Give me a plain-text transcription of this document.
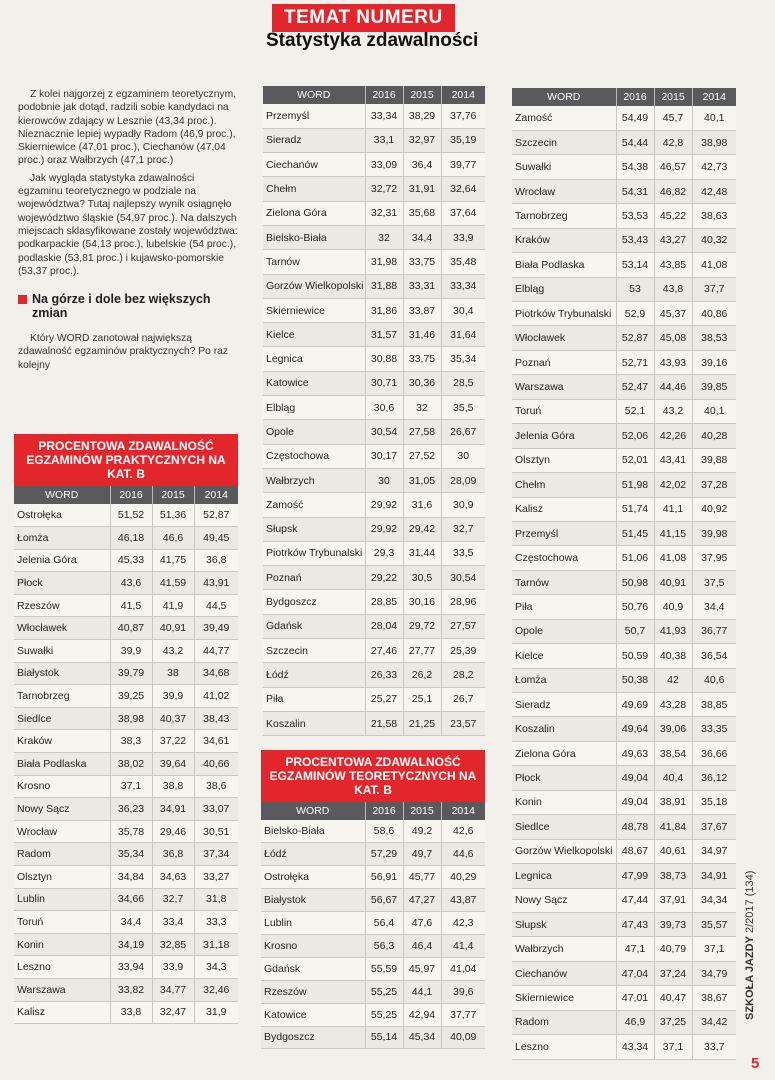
TEMAT NUMERU
Statystyka zdawalności

Z kolei najgorzej z egzaminem teoretycznym, podobnie jak dotąd, radzili sobie kandydaci na kierowców zdający w Lesznie (43,34 proc.). Nieznacznie lepiej wypadły Radom (46,9 proc.), Skierniewice (47,01 proc.), Ciechanów (47,04 proc.) oraz Wałbrzych (47,1 proc.)

Jak wygląda statystyka zdawalności egzaminu teoretycznego w podziale na województwa? Tutaj najlepszy wynik osiągnęło województwo śląskie (54,97 proc.). Na dalszych miejscach sklasyfikowane zostały województwa: podkarpackie (54,13 proc.), lubelskie (54 proc.), podlaskie (53,81 proc.) i kujawsko-pomorskie (53,37 proc.).

Na górze i dole bez większych zmian

Który WORD zanotował największą zdawalność egzaminów praktycznych? Po raz kolejny

PROCENTOWA ZDAWALNOŚĆ EGZAMINÓW PRAKTYCZNYCH NA KAT. B
WORD	2016	2015	2014
Ostrołęka	51,52	51,36	52,87
Łomża	46,18	46,6	49,45
Jelenia Góra	45,33	41,75	36,8
Płock	43,6	41,59	43,91
Rzeszów	41,5	41,9	44,5
Włocławek	40,87	40,91	39,49
Suwałki	39,9	43,2	44,77
Białystok	39,79	38	34,68
Tarnobrzeg	39,25	39,9	41,02
Siedlce	38,98	40,37	38,43
Kraków	38,3	37,22	34,61
Biała Podlaska	38,02	39,64	40,66
Krosno	37,1	38,8	38,6
Nowy Sącz	36,23	34,91	33,07
Wrocław	35,78	29,46	30,51
Radom	35,34	36,8	37,34
Olsztyn	34,84	34,63	33,27
Lublin	34,66	32,7	31,8
Toruń	34,4	33,4	33,3
Konin	34,19	32,85	31,18
Leszno	33,94	33,9	34,3
Warszawa	33,82	34,77	32,46
Kalisz	33,8	32,47	31,9
WORD	2016	2015	2014
Przemyśl	33,34	38,29	37,76
Sieradz	33,1	32,97	35,19
Ciechanów	33,09	36,4	39,77
Chełm	32,72	31,91	32,64
Zielona Góra	32,31	35,68	37,64
Bielsko-Biała	32	34,4	33,9
Tarnów	31,98	33,75	35,48
Gorzów Wielkopolski	31,88	33,31	33,34
Skierniewice	31,86	33,87	30,4
Kielce	31,57	31,46	31,64
Legnica	30,88	33,75	35,34
Katowice	30,71	30,36	28,5
Elbląg	30,6	32	35,5
Opole	30,54	27,58	26,67
Częstochowa	30,17	27,52	30
Wałbrzych	30	31,05	28,09
Zamość	29,92	31,6	30,9
Słupsk	29,92	29,42	32,7
Piotrków Trybunalski	29,3	31,44	33,5
Poznań	29,22	30,5	30,54
Bydgoszcz	28,85	30,16	28,96
Gdańsk	28,04	29,72	27,57
Szczecin	27,46	27,77	25,39
Łódź	26,33	26,2	28,2
Piła	25,27	25,1	26,7
Koszalin	21,58	21,25	23,57
PROCENTOWA ZDAWALNOŚĆ EGZAMINÓW TEORETYCZNYCH NA KAT. B
WORD	2016	2015	2014
Bielsko-Biała	58,6	49,2	42,6
Łódź	57,29	49,7	44,6
Ostrołęka	56,91	45,77	40,29
Białystok	56,67	47,27	43,87
Lublin	56,4	47,6	42,3
Krosno	56,3	46,4	41,4
Gdańsk	55,59	45,97	41,04
Rzeszów	55,25	44,1	39,6
Katowice	55,25	42,94	37,77
Bydgoszcz	55,14	45,34	40,09
WORD	2016	2015	2014
Zamość	54,49	45,7	40,1
Szczecin	54,44	42,8	38,98
Suwałki	54,38	46,57	42,73
Wrocław	54,31	46,82	42,48
Tarnobrzeg	53,53	45,22	38,63
Kraków	53,43	43,27	40,32
Biała Podlaska	53,14	43,85	41,08
Elbląg	53	43,8	37,7
Piotrków Trybunalski	52,9	45,37	40,86
Włocławek	52,87	45,08	38,53
Poznań	52,71	43,93	39,16
Warszawa	52,47	44,46	39,85
Toruń	52,1	43,2	40,1
Jelenia Góra	52,06	42,26	40,28
Olsztyn	52,01	43,41	39,88
Chełm	51,98	42,02	37,28
Kalisz	51,74	41,1	40,92
Przemyśl	51,45	41,15	39,98
Częstochowa	51,06	41,08	37,95
Tarnów	50,98	40,91	37,5
Piła	50,76	40,9	34,4
Opole	50,7	41,93	36,77
Kielce	50,59	40,38	36,54
Łomża	50,38	42	40,6
Sieradz	49,69	43,28	38,85
Koszalin	49,64	39,06	33,35
Zielona Góra	49,63	38,54	36,66
Płock	49,04	40,4	36,12
Konin	49,04	38,91	35,18
Siedlce	48,78	41,84	37,67
Gorzów Wielkopolski	48,67	40,61	34,97
Legnica	47,99	38,73	34,91
Nowy Sącz	47,44	37,91	34,34
Słupsk	47,43	39,73	35,57
Wałbrzych	47,1	40,79	37,1
Ciechanów	47,04	37,24	34,79
Skierniewice	47,01	40,47	38,67
Radom	46,9	37,25	34,42
Leszno	43,34	37,1	33,7
SZKOŁA JAZDY 2/2017 (134)
5
